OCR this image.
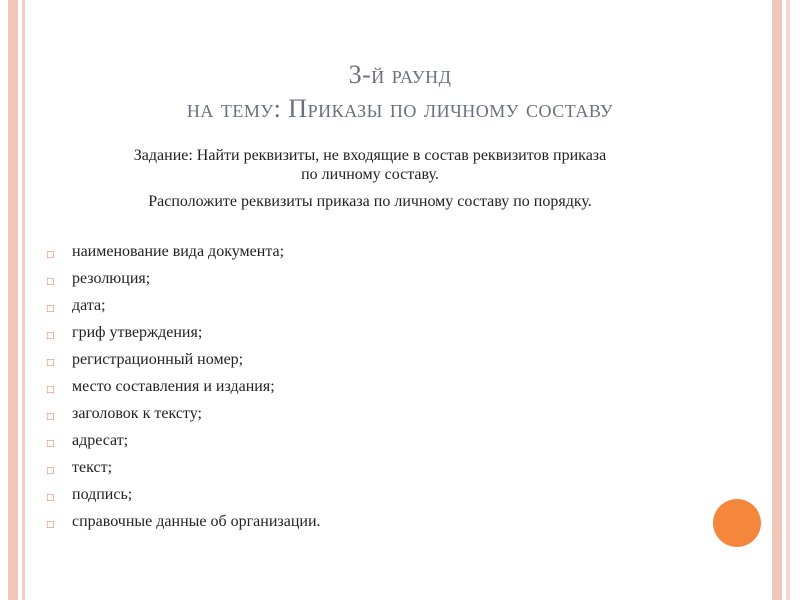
3-й раунд
на тему: Приказы по личному составу

Задание: Найти реквизиты, не входящие в состав реквизитов приказа

по личному составу.

Расположите реквизиты приказа по личному составу по порядку.

□ наименование вида документа;
□ резолюция;
□ дата;
□ гриф утверждения;
□ регистрационный номер;
□ место составления и издания;
□ заголовок к тексту;
□ адресат;
□ текст;
□ подпись;
□ справочные данные об организации.
